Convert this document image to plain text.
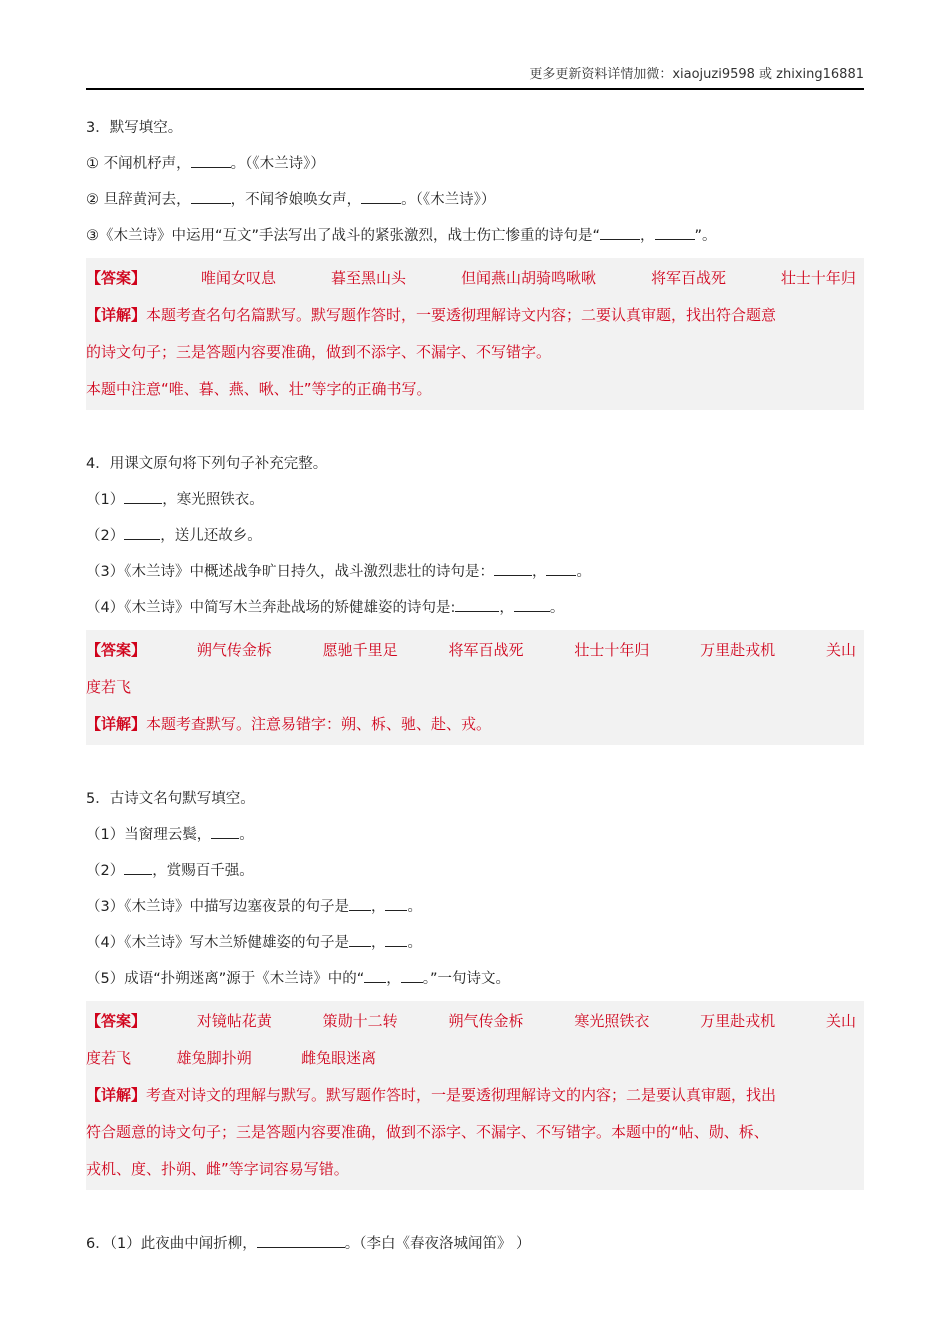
更多更新资料详情加微：xiaojuzi9598 或 zhixing16881
3．默写填空。
① 不闻机杼声，	。（《木兰诗》）
② 旦辞黄河去，	，不闻爷娘唤女声，	。（《木兰诗》）
③《木兰诗》中运用“互文”手法写出了战斗的紧张激烈，战士伤亡惨重的诗句是“	，	”。
【答案】	唯闻女叹息	暮至黑山头	但闻燕山胡骑鸣啾啾	将军百战死	壮士十年归
【详解】本题考查名句名篇默写。默写题作答时，一要透彻理解诗文内容；二要认真审题，找出符合题意
的诗文句子；三是答题内容要准确，做到不添字、不漏字、不写错字。
本题中注意“唯、暮、燕、啾、壮”等字的正确书写。
4．用课文原句将下列句子补充完整。
（1）	，寒光照铁衣。
（2） ，送儿还故乡。
（3）《木兰诗》中概述战争旷日持久，战斗激烈悲壮的诗句是：	， 。
（4）《木兰诗》中简写木兰奔赴战场的矫健雄姿的诗句是:	， 。
【答案】	朔气传金柝	愿驰千里足	将军百战死	壮士十年归	万里赴戎机	关山
度若飞
【详解】本题考查默写。注意易错字：朔、柝、驰、赴、戎。
5．古诗文名句默写填空。
（1）当窗理云鬓， 。
（2） ，赏赐百千强。
（3）《木兰诗》中描写边塞夜景的句子是 ， 。
（4）《木兰诗》写木兰矫健雄姿的句子是 ， 。
（5）成语“扑朔迷离”源于《木兰诗》中的“ ， 。”一句诗文。
【答案】	对镜帖花黄	策勋十二转	朔气传金柝	寒光照铁衣	万里赴戎机	关山
度若飞	雄兔脚扑朔	雌兔眼迷离
【详解】考查对诗文的理解与默写。默写题作答时，一是要透彻理解诗文的内容；二是要认真审题，找出
符合题意的诗文句子；三是答题内容要准确，做到不添字、不漏字、不写错字。本题中的“帖、勋、柝、
戎机、度、扑朔、雌”等字词容易写错。
6．（1）此夜曲中闻折柳，	。（李白《春夜洛城闻笛》 ）
